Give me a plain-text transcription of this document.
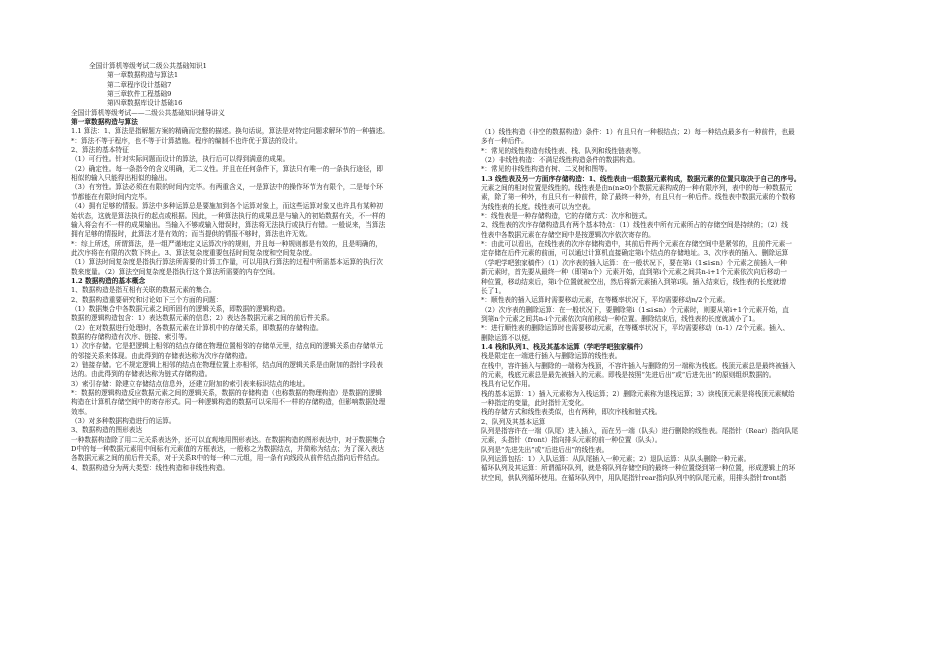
全国计算机等级考试二级公共基础知识1
第一章数据构造与算法1
第二章程序设计基础7
第三章软件工程基础9
第四章数据库设计基础16
全国计算机等级考试——二级公共基础知识辅导讲义
第一章数据构造与算法
1.1 算法：1、算法是指解题方案的精确而完整的描述。换句话说，算法是对特定问题求解环节的一种描述。
*：算法不等于程序，也不等于计算措施。程序的编制不也许优于算法的设计。
2、算法的基本特征
（1）可行性。针对实际问题而设计的算法，执行后可以得到满意的成果。
（2）确定性。每一条指令的含义明确，无二义性。并且在任何条件下，算法只有唯一的一条执行途径，即
相似的输入只能得出相似的输出。
（3）有穷性。算法必须在有限的时间内完毕。有两重含义，一是算法中的操作环节为有限个，二是每个环
节都能在有限时间内完毕。
（4）拥有足够的情报。算法中多种运算总是要施加到各个运算对象上，而这些运算对象又也许具有某种初
始状态，这就是算法执行的起点或根据。因此，一种算法执行的成果总是与输入的初始数据有关，不一样的
输入将会有不一样的成果输出。当输入不够或输入错误时，算法将无法执行或执行有错。一般说来，当算法
拥有足够的情报时，此算法才是有效的；而当提供的情报不够时，算法也许无效。
*：综上所述，所谓算法，是一组严谨地定义运算次序的规则，并且每一种规则都是有效的，且是明确的，
此次序将在有限的次数下终止。3、算法复杂度重要包括时间复杂度和空间复杂度。
（1）算法时间复杂度是指执行算法所需要的计算工作量，可以用执行算法的过程中所需基本运算的执行次
数来度量。（2）算法空间复杂度是指执行这个算法所需要的内存空间。
1.2 数据构造的基本概念
1、数据构造是指互相有关联的数据元素的集合。
2、数据构造重要研究和讨论如下三个方面的问题：
（1）数据集合中各数据元素之间所固有的逻辑关系，即数据的逻辑构造。
数据的逻辑构造包含：1）表达数据元素的信息；2）表达各数据元素之间的前后件关系。
（2）在对数据进行处理时，各数据元素在计算机中的存储关系，即数据的存储构造。
数据的存储构造有次序、链接、索引等。
1）次序存储。它是把逻辑上相邻的结点存储在物理位置相邻的存储单元里，结点间的逻辑关系由存储单元
的邻接关系来体现。由此得到的存储表达称为次序存储构造。
2）链接存储。它不规定逻辑上相邻的结点在物理位置上亦相邻，结点间的逻辑关系是由附加的指针字段表
达的。由此得到的存储表达称为链式存储构造。
3）索引存储：除建立存储结点信息外，还建立附加的索引表来标识结点的地址。
*：数据的逻辑构造反应数据元素之间的逻辑关系，数据的存储构造（也称数据的物理构造）是数据的逻辑
构造在计算机存储空间中的寄存形式。同一种逻辑构造的数据可以采用不一样的存储构造，但影响数据处理
效率。
（3）对多种数据构造进行的运算。
3、数据构造的图形表达
一种数据构造除了用二元关系表达外，还可以直观地用图形表达。在数据构造的图形表达中，对于数据集合
D中的每一种数据元素用中间标有元素值的方框表达，一般称之为数据结点，并简称为结点；为了深入表达
各数据元素之间的前后件关系，对于关系R中的每一种二元组，用一条有向线段从前件结点指向后件结点。
4、数据构造分为两大类型：线性构造和非线性构造。
（1）线性构造（非空的数据构造）条件：1）有且只有一种根结点；2）每一种结点最多有一种前件，也最
多有一种后件。
*：常见的线性构造有线性表、栈、队列和线性链表等。
（2）非线性构造：不满足线性构造条件的数据构造。
*：常见的非线性构造有树、二叉树和图等。
1.3 线性表及另一方面序存储构造：1、线性表由一组数据元素构成，数据元素的位置只取决于自己的序号。
元素之间的相对位置是线性的。线性表是由n(n≥0)个数据元素构成的一种有限序列，表中的每一种数据元
素，除了第一种外，有且只有一种前件，除了最终一种外，有且只有一种后件。线性表中数据元素的个数称
为线性表的长度。线性表可以为空表。
*：线性表是一种存储构造，它的存储方式：次序和链式。
2、线性表的次序存储构造具有两个基本特点：（1）线性表中所有元素所占的存储空间是持续的；（2）线
性表中各数据元素在存储空间中是按逻辑次序依次寄存的。
*：由此可以看出，在线性表的次序存储构造中，其前后件两个元素在存储空间中是紧邻的，且前件元素一
定存储在后件元素的前面，可以通过计算机直接确定第i个结点的存储地址。3、次序表的插入、删除运算
（学吧学吧独家稿件）（1）次序表的插入运算：在一般状况下，要在第i（1≤i≤n）个元素之前插入一种
新元素时，首先要从最终一种（即第n个）元素开始，直到第i个元素之间共n-i+1个元素依次向后移动一
种位置，移动结束后，第i个位置就被空出，然后将新元素插入到第i项。插入结束后，线性表的长度就增
长了1。
*：顺性表的插入运算时需要移动元素，在等概率状况下，平均需要移动n/2个元素。
（2）次序表的删除运算：在一般状况下，要删除第i（1≤i≤n）个元素时，则要从第i+1个元素开始，直
到第n个元素之间共n-i个元素依次向前移动一种位置。删除结束后，线性表的长度就减小了1。
*：进行顺性表的删除运算时也需要移动元素，在等概率状况下，平均需要移动（n-1）/2个元素。插入、
删除运算不以便。
1.4 栈和队列1、栈及其基本运算（学吧学吧独家稿件）
栈是限定在一端进行插入与删除运算的线性表。
在栈中，容许插入与删除的一端称为栈顶，不容许插入与删除的另一端称为栈底。栈顶元素总是最终被插入
的元素，栈底元素总是最先被插入的元素。即栈是按照“先进后出”或“后进先出”的原则组织数据的。
栈具有记忆作用。
栈的基本运算：1）插入元素称为入栈运算；2）删除元素称为退栈运算；3）读栈顶元素是将栈顶元素赋给
一种指定的变量，此时指针无变化。
栈的存储方式和线性表类似，也有两种，即次序栈和链式栈。
2、队列及其基本运算
队列是指容许在一端（队尾）进入插入，而在另一端（队头）进行删除的线性表。尾指针（Rear）指向队尾
元素，头指针（front）指向排头元素的前一种位置（队头）。
队列是“先进先出”或“后进后出”的线性表。
队列运算包括：1）入队运算：从队尾插入一种元素；2）退队运算：从队头删除一种元素。
循环队列及其运算：所谓循环队列，就是将队列存储空间的最终一种位置绕到第一种位置，形成逻辑上的环
状空间，供队列循环使用。在循环队列中，用队尾指针rear指向队列中的队尾元素，用排头指针front指
